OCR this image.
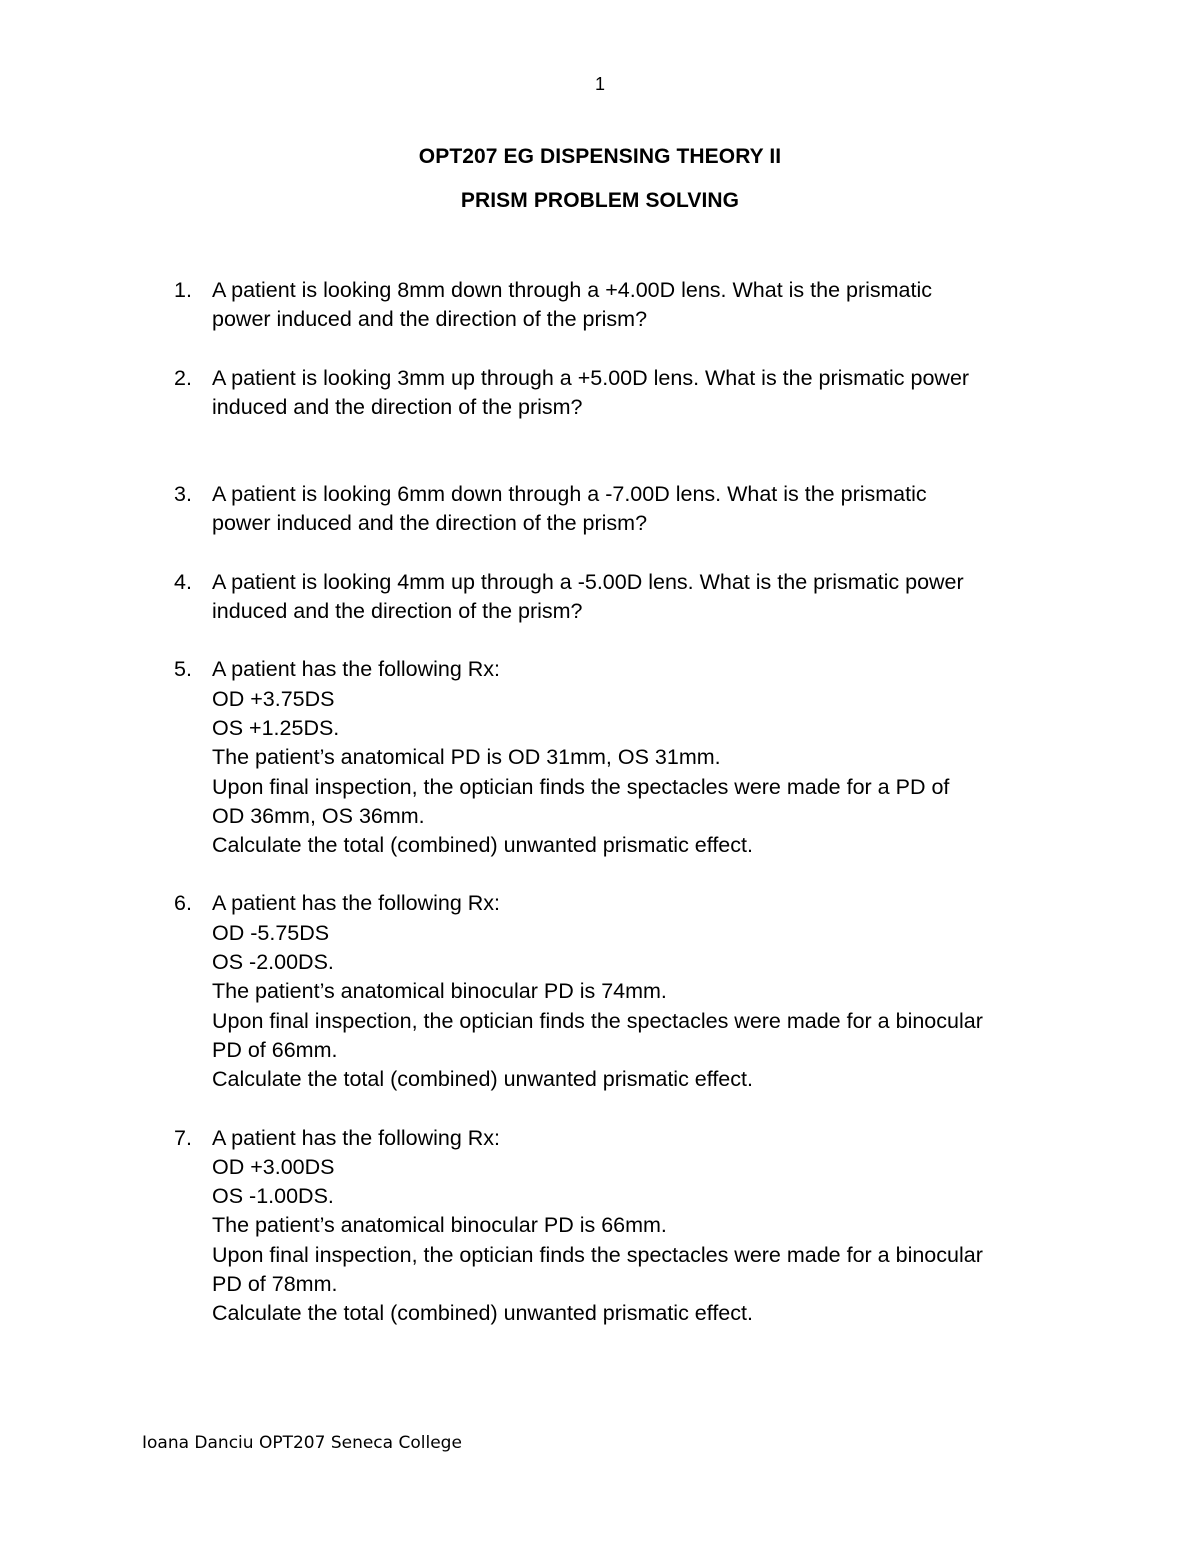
1
OPT207 EG DISPENSING THEORY II
PRISM PROBLEM SOLVING
1. A patient is looking 8mm down through a +4.00D lens. What is the prismatic
power induced and the direction of the prism?
2. A patient is looking 3mm up through a +5.00D lens. What is the prismatic power
induced and the direction of the prism?
3. A patient is looking 6mm down through a -7.00D lens. What is the prismatic
power induced and the direction of the prism?
4. A patient is looking 4mm up through a -5.00D lens. What is the prismatic power
induced and the direction of the prism?
5. A patient has the following Rx:
OD +3.75DS
OS +1.25DS.
The patient’s anatomical PD is OD 31mm, OS 31mm.
Upon final inspection, the optician finds the spectacles were made for a PD of
OD 36mm, OS 36mm.
Calculate the total (combined) unwanted prismatic effect.
6. A patient has the following Rx:
OD -5.75DS
OS -2.00DS.
The patient’s anatomical binocular PD is 74mm.
Upon final inspection, the optician finds the spectacles were made for a binocular
PD of 66mm.
Calculate the total (combined) unwanted prismatic effect.
7. A patient has the following Rx:
OD +3.00DS
OS -1.00DS.
The patient’s anatomical binocular PD is 66mm.
Upon final inspection, the optician finds the spectacles were made for a binocular
PD of 78mm.
Calculate the total (combined) unwanted prismatic effect.
Ioana Danciu OPT207 Seneca College
